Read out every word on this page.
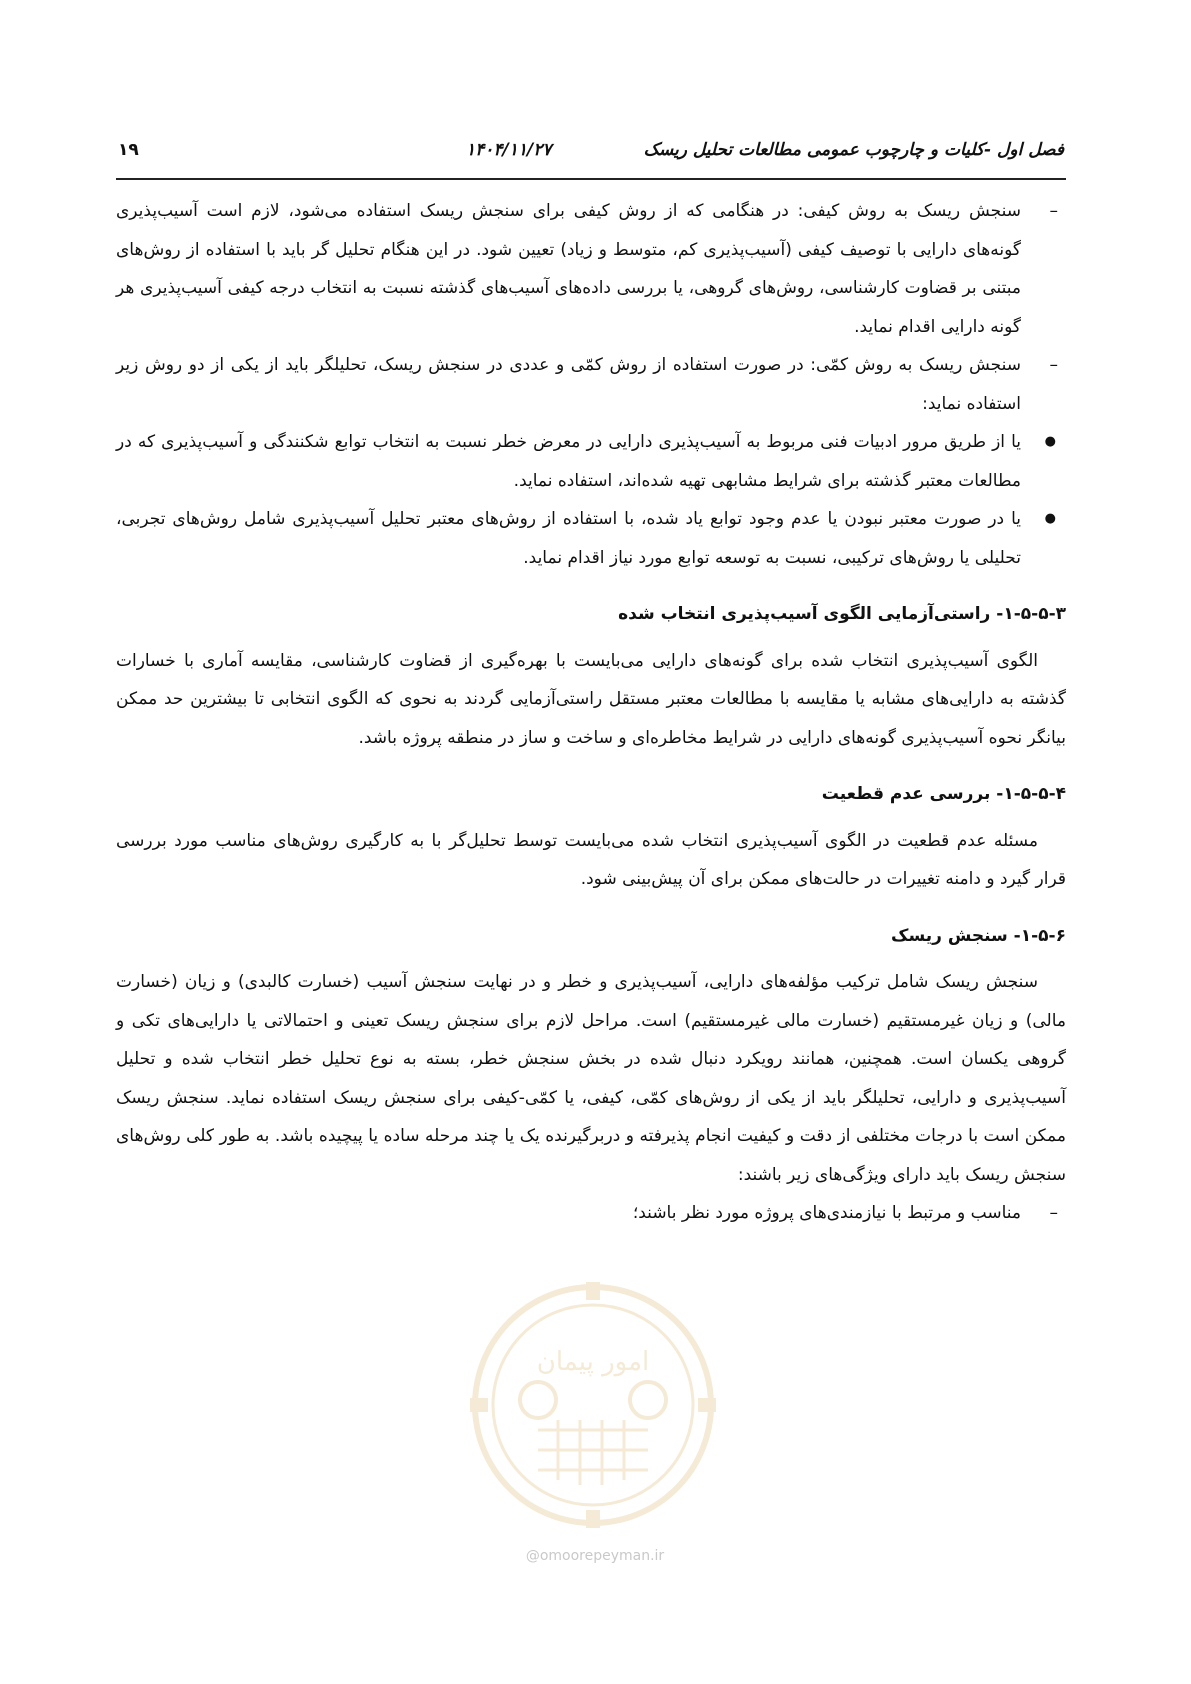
فصل اول -کلیات و چارچوب عمومی مطالعات تحلیل ریسک
۱۴۰۴/۱۱/۲۷
۱۹
–
سنجش ریسک به روش کیفی: در هنگامی که از روش کیفی برای سنجش ریسک استفاده می‌شود، لازم است آسیب‌پذیری گونه‌های دارایی با توصیف کیفی (آسیب‌پذیری کم، متوسط و زیاد) تعیین شود. در این هنگام تحلیل گر باید با استفاده از روش‌های مبتنی بر قضاوت کارشناسی، روش‌های گروهی، یا بررسی داده‌های آسیب‌های گذشته نسبت به انتخاب درجه کیفی آسیب‌پذیری هر گونه دارایی اقدام نماید.
–
سنجش ریسک به روش کمّی: در صورت استفاده از روش کمّی و عددی در سنجش ریسک، تحلیلگر باید از یکی از دو روش زیر استفاده نماید:
●
یا از طریق مرور ادبیات فنی مربوط به آسیب‌پذیری دارایی در معرض خطر نسبت به انتخاب توابع شکنندگی و آسیب‌پذیری که در مطالعات معتبر گذشته برای شرایط مشابهی تهیه شده‌اند، استفاده نماید.
●
یا در صورت معتبر نبودن یا عدم وجود توابع یاد شده، با استفاده از روش‌های معتبر تحلیل آسیب‌پذیری شامل روش‌های تجربی، تحلیلی یا روش‌های ترکیبی، نسبت به توسعه توابع مورد نیاز اقدام نماید.
۱-۵-۵-۳- راستی‌آزمایی الگوی آسیب‌پذیری انتخاب شده
الگوی آسیب‌پذیری انتخاب شده برای گونه‌های دارایی می‌بایست با بهره‌گیری از قضاوت کارشناسی، مقایسه آماری با خسارات گذشته به دارایی‌های مشابه یا مقایسه با مطالعات معتبر مستقل راستی‌آزمایی گردند به نحوی که الگوی انتخابی تا بیشترین حد ممکن بیانگر نحوه آسیب‌پذیری گونه‌های دارایی در شرایط مخاطره‌ای و ساخت و ساز در منطقه پروژه باشد.
۱-۵-۵-۴- بررسی عدم قطعیت
مسئله عدم قطعیت در الگوی آسیب‌پذیری انتخاب شده می‌بایست توسط تحلیل‌گر با به کارگیری روش‌های مناسب مورد بررسی قرار گیرد و دامنه تغییرات در حالت‌های ممکن برای آن پیش‌بینی شود.
۱-۵-۶- سنجش ریسک
سنجش ریسک شامل ترکیب مؤلفه‌های دارایی، آسیب‌پذیری و خطر و در نهایت سنجش آسیب (خسارت کالبدی) و زیان (خسارت مالی) و زیان غیرمستقیم (خسارت مالی غیرمستقیم) است. مراحل لازم برای سنجش ریسک تعینی و احتمالاتی یا دارایی‌های تکی و گروهی یکسان است. همچنین، همانند رویکرد دنبال شده در بخش سنجش خطر، بسته به نوع تحلیل خطر انتخاب شده و تحلیل آسیب‌پذیری و دارایی، تحلیلگر باید از یکی از روش‌های کمّی، کیفی، یا کمّی-کیفی برای سنجش ریسک استفاده نماید. سنجش ریسک ممکن است با درجات مختلفی از دقت و کیفیت انجام پذیرفته و دربرگیرنده یک یا چند مرحله ساده یا پیچیده باشد. به طور کلی روش‌های سنجش ریسک باید دارای ویژگی‌های زیر باشند:
–
مناسب و مرتبط با نیازمندی‌های پروژه مورد نظر باشند؛
امور پیمان
@omoorepeyman.ir
